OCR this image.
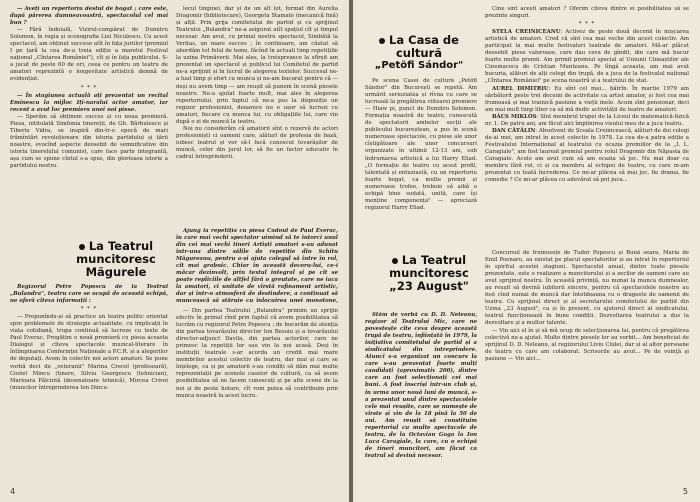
— Aveți un repertoriu destul de bogat ; care este, după părerea dumneavoastră, spectacolul cel mai bun ?

— Fără îndoială, Vizirul-cumpărat de Dumitru Solomon, în regia și scenografia Liei Niculescu. Cu acest spectacol, am obținut succese atît în fața juriilor (premiul I pe țară la cea de-a treia ediție a marelui Festival național „Cîntarea României"), cît și în fața publicului. S-a jucat de peste 60 de ori, ceea ce pentru un teatru de amatori reprezintă o longevitate artistică demnă de evidențiat.

* * *

— În stagiunea actuală ați prezentat un recital Eminescu la mijloc Iți-naralui actor amator, iar recent a avut loc premiera unei noi piese.

— Sperăm să obținem succes și cu noua premieră. Piesa, intitulată Simfonia tinereții, de Gh. Bărbulescu și Tiberiu Vidra, se inspiră din-tr-o epocă de mari frămîntări revoluționare din istoria partidului și țării noastre, evocînd aspecte deosebit de semnificative din istoria tinerelului comunist, care face parte integrantă, așa cum se spune cîntul s-a spus, din glorioasa istorie a partidului nostru.

La Teatrul
muncitoresc Măgurele

Regizorul Petre Popescu de la Teatrul „Bulandra", teatru care se ocupă de această echipă, ne oferă cîteva informații :

* * *

— Propunîndu-și să practice un teatru politic orientat spre problemele de strategie actualitate, cu implicații în viața cotidiană, trupa continuă să lucreze cu texte de Paul Everac. Pregătim o nouă premieră cu piesa aceasta Dialogul și cîteva spectacole muzical-literare în întîmpinarea Conferinței Naționale a P.C.R. și a alegerilor de deputați. Avem în colectiv noi actori amatori. Se pune vorbă deci de „veteranii" Marina Crecel (profesoară), Costel Mincu (tinere, Silviu Georgescu (tehnician), Marioara Pălcintă (desenatoare tehnică), Mircea Crivoi (muncitor întreprinderea Ion Dincu-

lecul tinginei, dar și de un alt lot, format din Aurelia Dragomir (bibliotecare), Georgeta Stamate (mecanică fină) și alții. Prin grija comitetului de partid și cu sprijinul Teatrului „Bulandra" ne-a asigurat atît spațiul cît și timpul necesar. Am avut, cu primul nostru spectacol, Simbătă la Veritas, un mare succes ; în continuare, am căutat să abordăm tot felul de teme, făcînd în actuali timp repetițiile la uzina Primăverii. Mai ales, la treisprezece la sfîrșit am prezentat un spectacol și publicul lui Comitetul de partid ne-a sprijinit și în lucrul de alegerea textelor. Succesul ne-a luat timp și efort cu munca și ne-am bucurat pentru că — deși nu avem timp — am reușit să punem în scenă piesele noastre. Ne-a ajutat foarte mult, mai ales în alegerea repertoriului, prin faptul că ne-a pus la dispoziție un regizor profesionist, deoarece nu e ușor să lucrezi cu amatori, fiecare cu munca lui, cu obligațiile lui, care vin după o zi de muncă la teatru.

Noi nu considerăm că amatorii sînt o rezervă de actori profesioniști ci oameni care, alături de profesia de bază, iubesc teatrul și vor să-l facă cunoscut tovarășilor de muncă, celor din jurul lor, să fie un factor educativ în cadrul întreprinderii.

Ajung la repetiția cu piesa Cadoul de Paul Everac, în care mai vechi spectator uimind să te întorci unul din cei mai vechi tineri Artiști amatori s-au adunat într-una dintre sălile de repetiție din Schitu Măgureanu, pentru a-și ajuta colegul să intre în rol, cît mai grabnic. Chiar în această decoru-lui, ce-i măcar dezinvolt, prin textul integral și pe cît se poate repliciile de altfel fără o greutate, care ne iaca la amatori, ci unitate de vîrstă rafinament artistic, dar și într-o atmosferă de destindere, a continuat să muncească să stăruie cu înlocuirea unei monotone,

— Din partea Teatrului „Bulandra" primim un sprijin efectiv în primul rînd prin faptul că avem posibilitatea să lucrăm cu regizorul Petre Popescu ; de bucurăm de atenția din partea tovarășului director Ion Besoiu și a tovarășului director-adjunct Davila, din partea actorilor, care ne primesc la repetiții lor sau vin la noi acasă. Deși în instituții teatrale s-ar acorda un credit mai mare membrilor acestui colectiv de teatru, dar mai și care se înțelege, ca și pe amatorii s-au condiți să dăm mai multe reprezentații pe scenele caselor de cultură, ca să avem posibilitatea să ne facem cunoscuți și pe alte scene de la noi și de peste hotare, cît vom putea să contribuim prin munca noastră la acest lucru.

4
La Casa de
cultură
„Petöfi Sándor"

Pe scena Casei de cultură „Petöfi Sándor" din București se repetă. Am urmărit serioziatea și rîvna cu care se lucrează la pregătirea viitoarei premiere — Hiaw pi, punct de Dumitru Solomon. Formația noastră de teatru, cunoscută de spectatorii ambelor secții ale publicului bucureștean, a pus în scenă numeroase spectacole, cu piese ale unor cîștigătoare ale unor concursuri organizate în ultimii 12-13 ani, sub îndrumarea artistică a lui Harry Eliad. „O formație de teatru cu acest profil, talentată și entuziastă, cu un repertoriu foarte bogat, ca multe premii și numeroase trofee, trebuie să aibă o echipă bine sudată, unită, care își menține componența" — apreciază regizorul Harry Eliad.

La Teatrul
muncitoresc
„23 August"

Stăm de vorbă cu D. D. Neleanu, regizor al Teatrului Mic, care ne povestește cîte ceva despre această trupă de teatru, înființată în 1979, la inițiativa comitetului de partid și a sindicatului din întreprindere. Atunci s-a organizat un concurs la care s-au prezentat foarte mulți candidați (aproximativ 200), dintre care au fost selecționați cei mai buni. A fost înscriși într-un club și, în urma unor nouă luni de muncă, s-a prezentat unul dintre spectacolele cele mai reușite, care se numește de vîrste și vin de la 18 pînă la 50 de ani. Am reușit să constituim repertoriul cu multe spectacole de teatru, de la Octavian Goga la Ion Luca Caragiale, la care, cu o echipă de tineri muncitori, am făcut ca teatrul să devină necesar.

Cine sînt acești amatori ? Oferim cîteva dintre ei posibilitatea să se prezinte singuri.

* * *

STELA CREINICEANU: Activez de peste două decenii în mișcarea artistică de amatori. Cred că sînt cea mai veche din acest colectiv. Am participat la mai multe festivaluri teatrale de amatori. Mă-ar plăcut deosebit piese valoroase, care dau ceva de gîndit, din care mă bucur foarte multe premii. Am primit premiul special al Uniunii Cineaștilor ale Cinemaceca de Cristian Munteanu. Pe lîngă aceasta, am mai avut bucuria, alături de alți colegi din trupă, de a juca de la festivalul național „Cîntarea României" pe scena noastră și a teatrului de stat.

AUREL DIMITRIU: Eu sînt cel mai... bătrîn. În martie 1979 am sărbătorit peste trei decenii de activitate ca artist amator, și fost cea mai frumoasă și mai trainică pasiune a vieții mele. Acum sînt pensionar, deci am mai mult timp liber ca să mă dedic activității de teatru de amatori.

BÁCS MIKLÓS: Sînt membrul trupei de la Liceul de matematică-fizică nr. 1. De patru ani, am făcut aici împlinirea visului meu de a juca teatru.

DAN CĂTĂLIN: Absolvent de Școala Creinicească, alături de doi colegi de-ai mei, am intrat în acest colectiv în 1978. La cea de-a patra ediție a Festivalului Internațional al teatrului cu ocazia premiilor de la „I. L. Caragiale", am fost laureat premiul pentru rolul Dragomir din Năpasta de Caragiale. Acolo am avut cum să am ocazia să joc. Nu mai doar ca membru fără rol, ci și ca membru al echipei de teatru, cu care m-am prezentat cu toată încrederea. Ce mi-ar plăcea să mai joc, fie drama, fie comedie ? Ce mi-ar plăcea cu adevărat să pot juca...

Concursul de frumusețe de Tudor Popescu și Bună seara, Maria de Emil Poenaru, au existat pe placul spectatorilor și au intrat în repertoriul în spiritul acestei stagiuni. Spectacolul anual, dintre toate piesele prezentate, este o realizare a muncitorului și a zecilor de oameni care au avut sprijinul nostru. În această privință, nu numai la munca dumnealor, au reușit să devină iubitorii sincere, pentru că spectacolele noastre au fost cînd numai de muncă dar întotdeauna cu o dragoste de oamenii de teatru. Cu sprijinul direct și al secretarului comitetului de partid din Uzina „23 August", ca și în prezent, cu ajutorul direct al sindicatului, teatrul funcționează în bune condiții. Dezvoltarea teatrului a dus la dezvoltare și a multor talente.

— Vin aici el în și să mă ocup de selecționarea lui, pentru că pregătirea colectivă ne-a ajutat. Multe dintre piesele lor au vorbit... Am beneficiat de sprijinul D. D. Neleanu, al regizorului Liviu Ciulei, dar și al altor persoane de teatru cu care am colaborat. Scrisorile au avut... Pe de voinţă şi pasiune — Vin aici...

5
